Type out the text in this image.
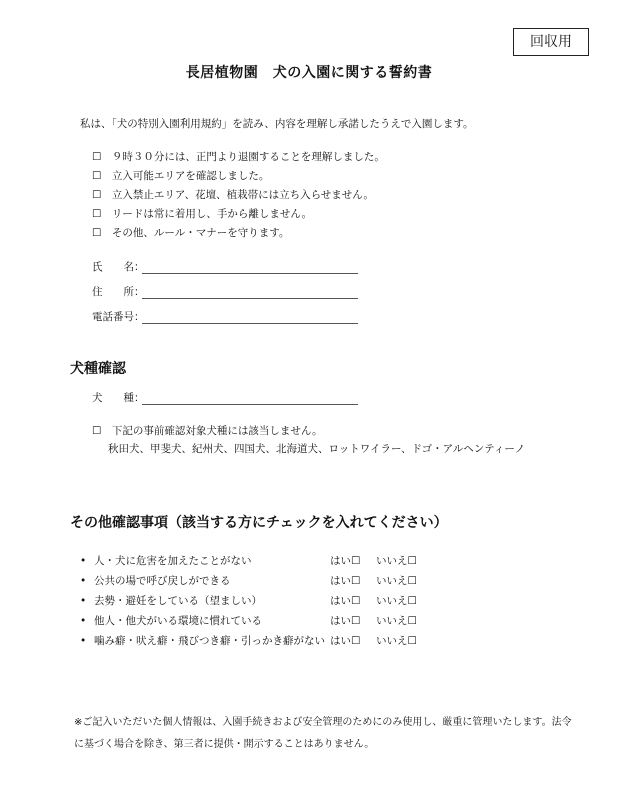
回収用
長居植物園　犬の入園に関する誓約書
私は、「犬の特別入園利用規約」を読み、内容を理解し承諾したうえで入園します。
☐　９時３０分には、正門より退園することを理解しました。
☐　立入可能エリアを確認しました。
☐　立入禁止エリア、花壇、植栽帯には立ち入らせません。
☐　リードは常に着用し、手から離しません。
☐　その他、ルール・マナーを守ります。
氏　　名：
住　　所：
電話番号：
犬種確認
犬　　種：
☐　下記の事前確認対象犬種には該当しません。
秋田犬、甲斐犬、紀州犬、四国犬、北海道犬、ロットワイラー、ドゴ・アルヘンティーノ
その他確認事項（該当する方にチェックを入れてください）
• 人・犬に危害を加えたことがない	はい☐ いいえ☐
• 公共の場で呼び戻しができる	はい☐ いいえ☐
• 去勢・避妊をしている（望ましい）	はい☐ いいえ☐
• 他人・他犬がいる環境に慣れている	はい☐ いいえ☐
• 噛み癖・吠え癖・飛びつき癖・引っかき癖がない はい☐ いいえ☐
※ご記入いただいた個人情報は、入園手続きおよび安全管理のためにのみ使用し、厳重に管理いたします。法令に基づく場合を除き、第三者に提供・開示することはありません。
